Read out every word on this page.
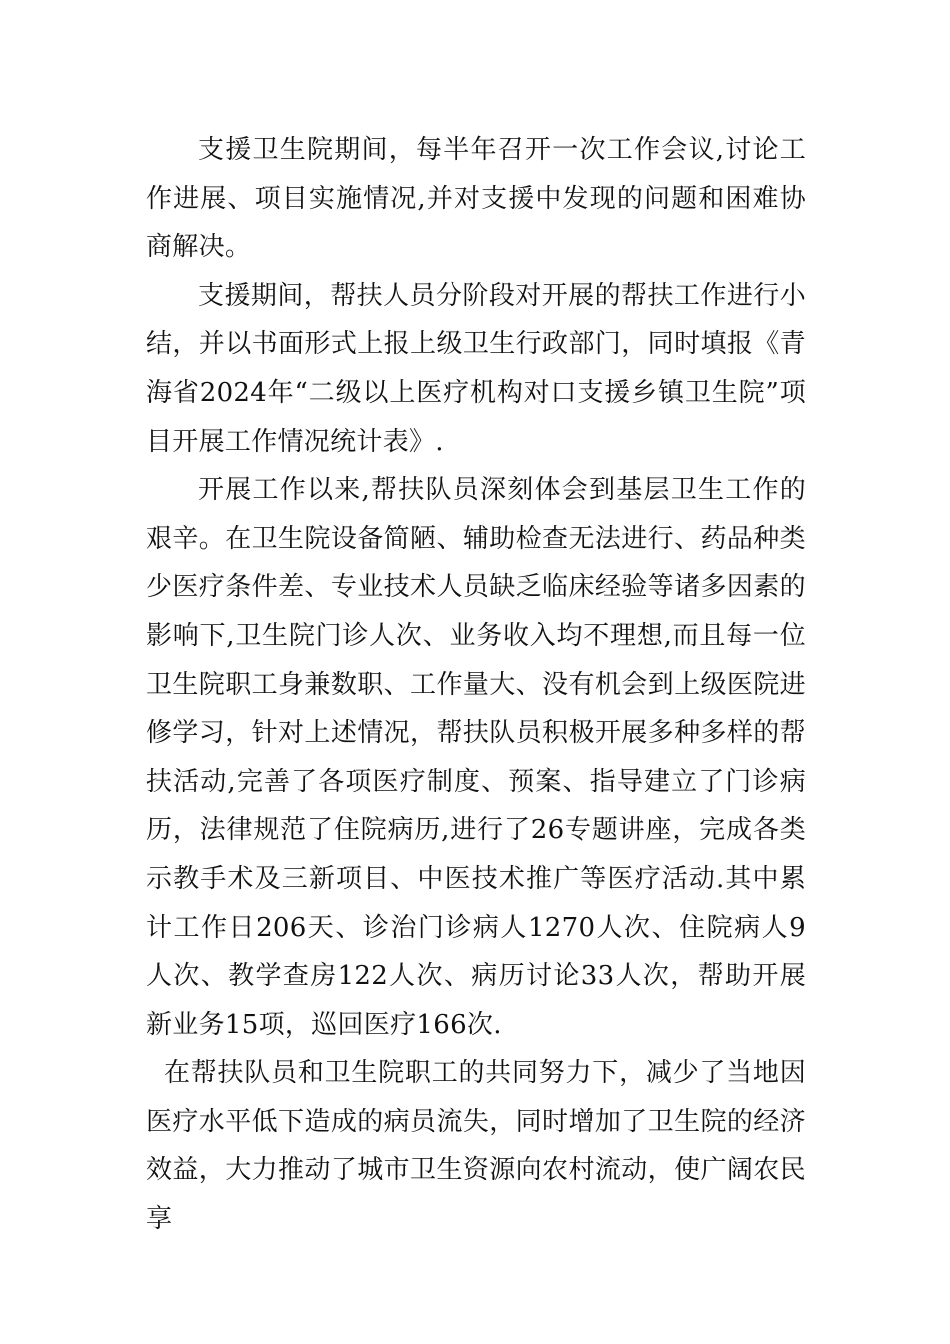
支援卫生院期间，每半年召开一次工作会议,讨论工作进展、项目实施情况,并对支援中发现的问题和困难协商解决。

支援期间，帮扶人员分阶段对开展的帮扶工作进行小结，并以书面形式上报上级卫生行政部门，同时填报《青海省2024年“二级以上医疗机构对口支援乡镇卫生院”项目开展工作情况统计表》.

开展工作以来,帮扶队员深刻体会到基层卫生工作的艰辛。在卫生院设备简陋、辅助检查无法进行、药品种类少医疗条件差、专业技术人员缺乏临床经验等诸多因素的影响下,卫生院门诊人次、业务收入均不理想,而且每一位卫生院职工身兼数职、工作量大、没有机会到上级医院进修学习，针对上述情况，帮扶队员积极开展多种多样的帮扶活动,完善了各项医疗制度、预案、指导建立了门诊病历，法律规范了住院病历,进行了26专题讲座，完成各类示教手术及三新项目、中医技术推广等医疗活动.其中累计工作日206天、诊治门诊病人1270人次、住院病人9人次、教学查房122人次、病历讨论33人次，帮助开展新业务15项，巡回医疗166次.

在帮扶队员和卫生院职工的共同努力下，减少了当地因医疗水平低下造成的病员流失，同时增加了卫生院的经济效益，大力推动了城市卫生资源向农村流动，使广阔农民享
